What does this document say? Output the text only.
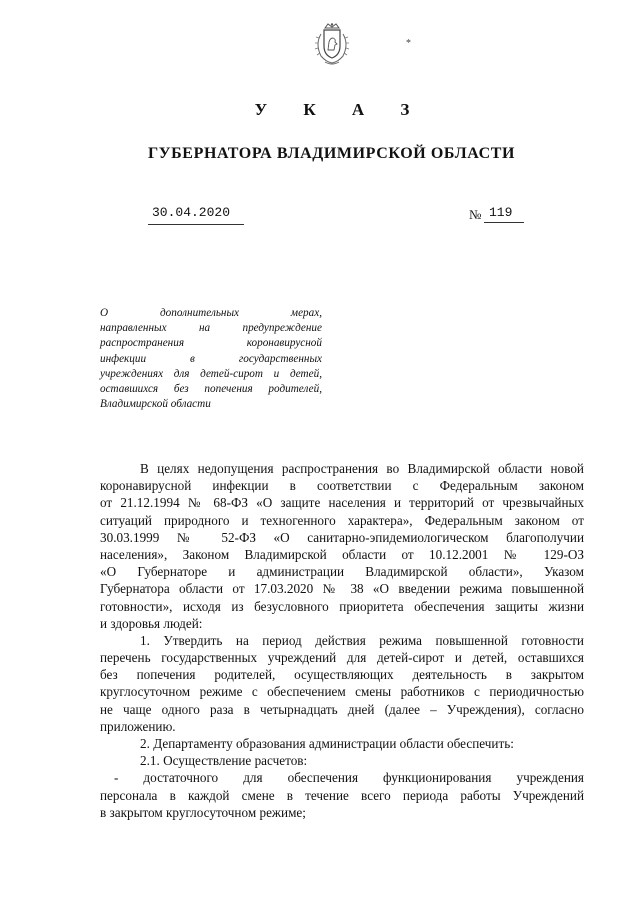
*
У К А З
ГУБЕРНАТОРА ВЛАДИМИРСКОЙ ОБЛАСТИ
30.04.2020	№ 119
О дополнительных мерах,
направленных на предупреждение
распространения коронавирусной
инфекции в государственных
учреждениях для детей-сирот и детей,
оставшихся без попечения родителей,
Владимирской области
В целях недопущения распространения во Владимирской области новой
коронавирусной инфекции в соответствии с Федеральным законом
от 21.12.1994 № 68-ФЗ «О защите населения и территорий от чрезвычайных
ситуаций природного и техногенного характера», Федеральным законом от
30.03.1999 № 52-ФЗ «О санитарно-эпидемиологическом благополучии
населения», Законом Владимирской области от 10.12.2001 № 129-ОЗ
«О Губернаторе и администрации Владимирской области», Указом
Губернатора области от 17.03.2020 № 38 «О введении режима повышенной
готовности», исходя из безусловного приоритета обеспечения защиты жизни
и здоровья людей:
1. Утвердить на период действия режима повышенной готовности
перечень государственных учреждений для детей-сирот и детей, оставшихся
без попечения родителей, осуществляющих деятельность в закрытом
круглосуточном режиме с обеспечением смены работников с периодичностью
не чаще одного раза в четырнадцать дней (далее – Учреждения), согласно
приложению.
2. Департаменту образования администрации области обеспечить:
2.1. Осуществление расчетов:
- достаточного для обеспечения функционирования учреждения
персонала в каждой смене в течение всего периода работы Учреждений
в закрытом круглосуточном режиме;
